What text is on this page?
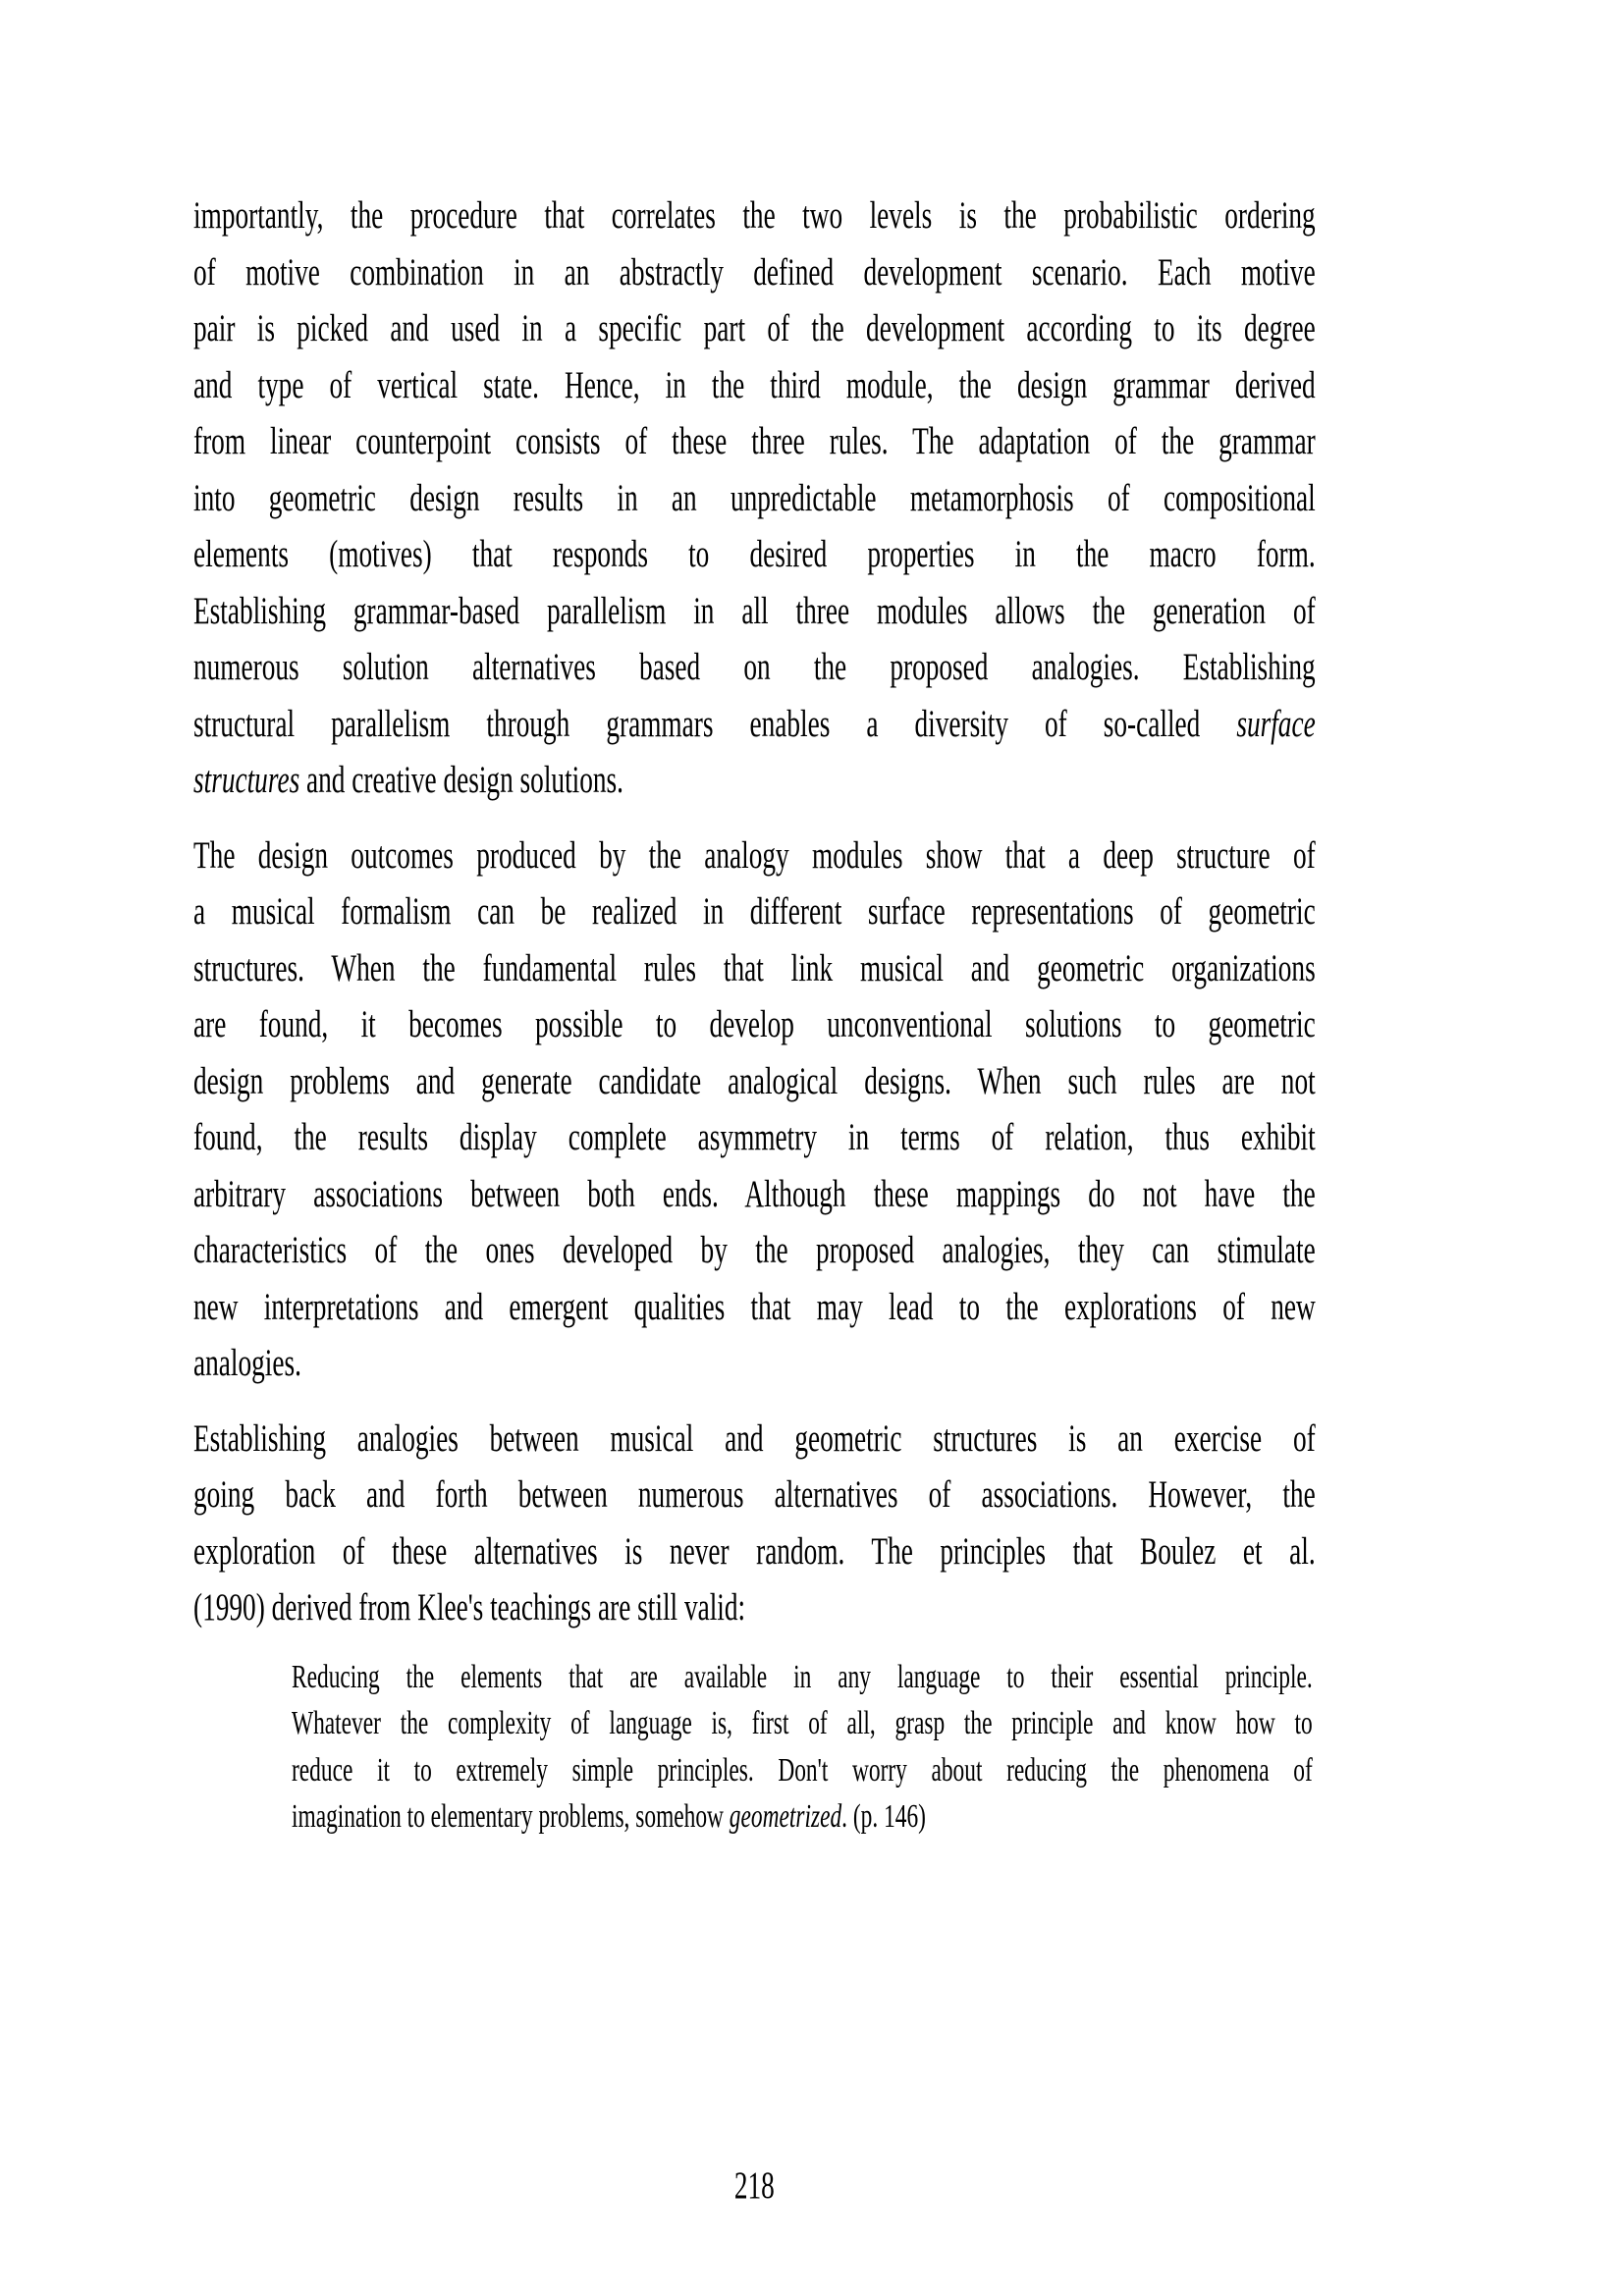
importantly, the procedure that correlates the two levels is the probabilistic ordering
of motive combination in an abstractly defined development scenario. Each motive
pair is picked and used in a specific part of the development according to its degree
and type of vertical state. Hence, in the third module, the design grammar derived
from linear counterpoint consists of these three rules. The adaptation of the grammar
into geometric design results in an unpredictable metamorphosis of compositional
elements (motives) that responds to desired properties in the macro form.
Establishing grammar-based parallelism in all three modules allows the generation of
numerous solution alternatives based on the proposed analogies. Establishing
structural parallelism through grammars enables a diversity of so-called surface
structures and creative design solutions.
The design outcomes produced by the analogy modules show that a deep structure of
a musical formalism can be realized in different surface representations of geometric
structures. When the fundamental rules that link musical and geometric organizations
are found, it becomes possible to develop unconventional solutions to geometric
design problems and generate candidate analogical designs. When such rules are not
found, the results display complete asymmetry in terms of relation, thus exhibit
arbitrary associations between both ends. Although these mappings do not have the
characteristics of the ones developed by the proposed analogies, they can stimulate
new interpretations and emergent qualities that may lead to the explorations of new
analogies.
Establishing analogies between musical and geometric structures is an exercise of
going back and forth between numerous alternatives of associations. However, the
exploration of these alternatives is never random. The principles that Boulez et al.
(1990) derived from Klee's teachings are still valid:
Reducing the elements that are available in any language to their essential principle.
Whatever the complexity of language is, first of all, grasp the principle and know how to
reduce it to extremely simple principles. Don't worry about reducing the phenomena of
imagination to elementary problems, somehow geometrized. (p. 146)
218
